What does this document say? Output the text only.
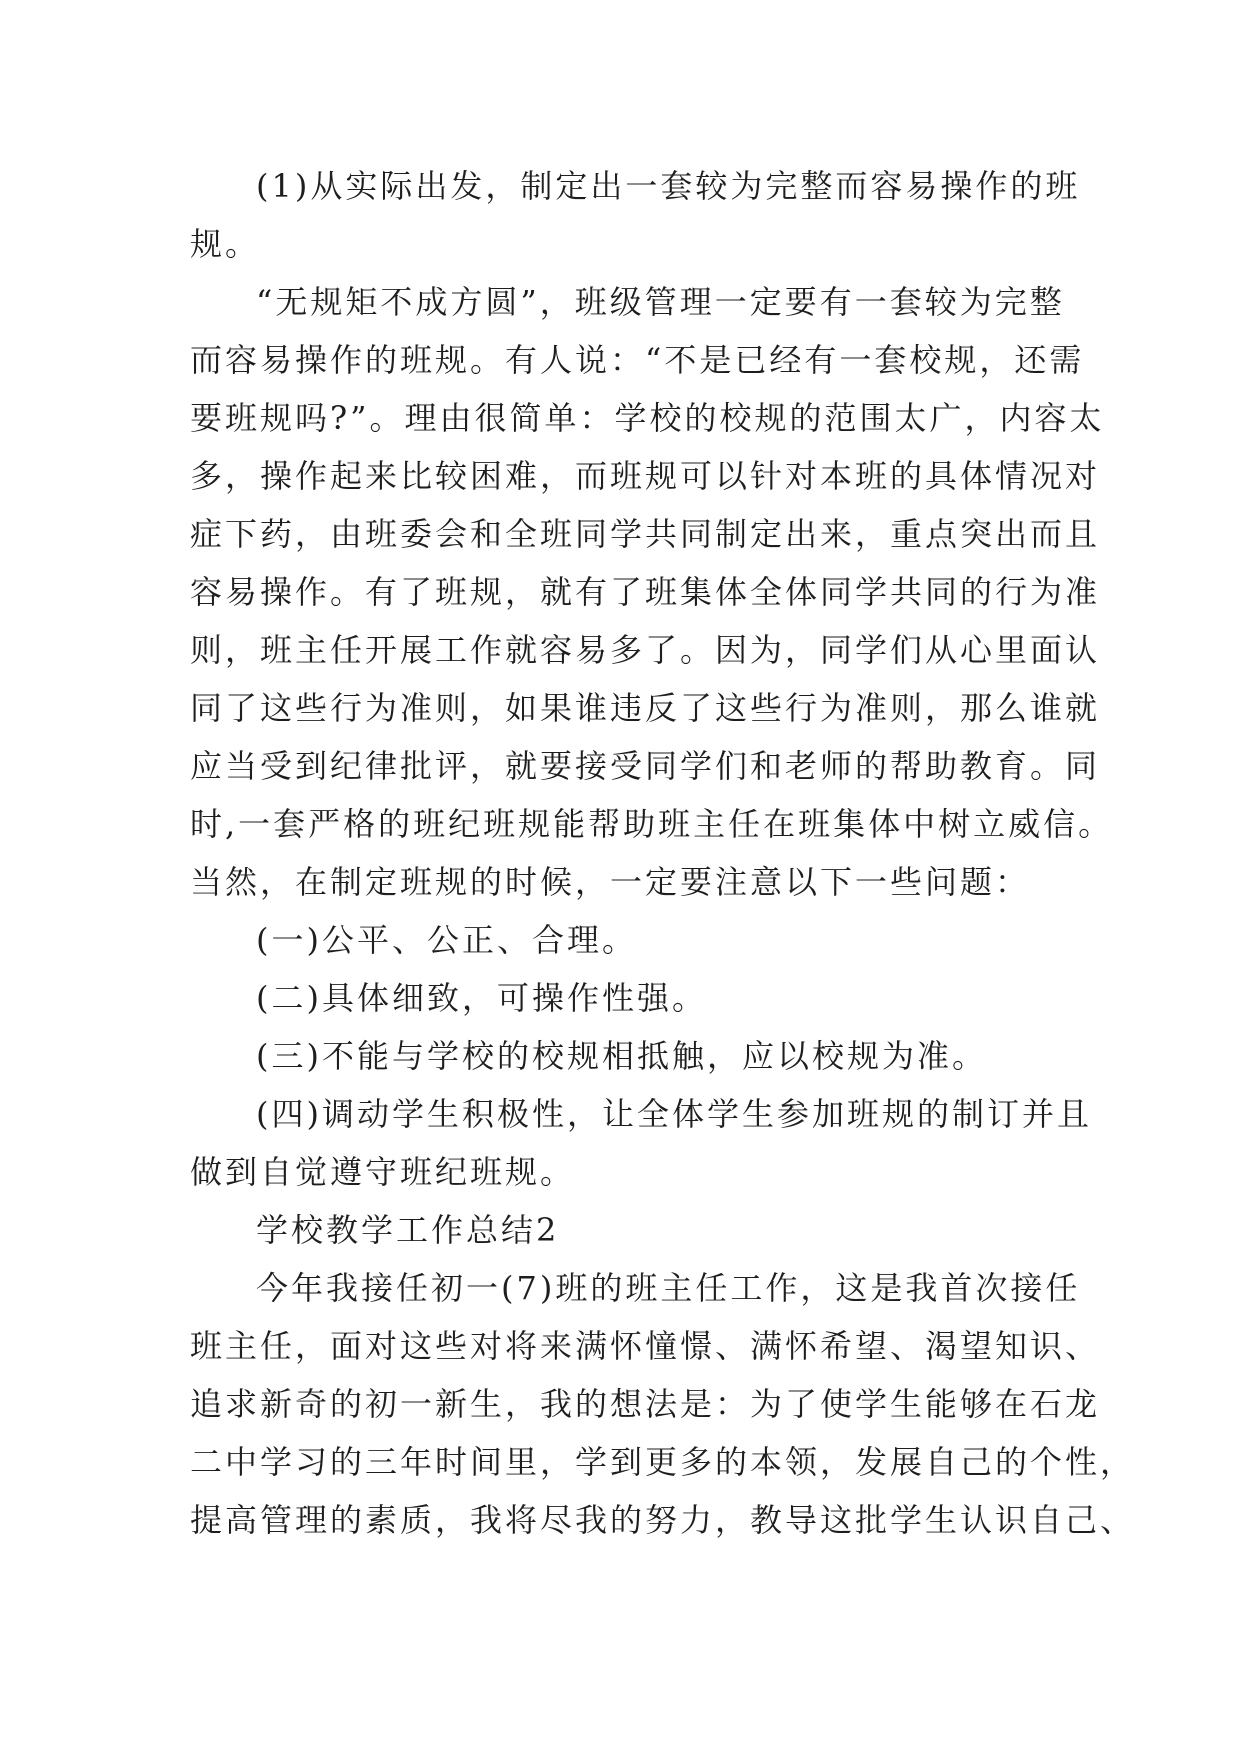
(1)从实际出发，制定出一套较为完整而容易操作的班
规。
“无规矩不成方圆”，班级管理一定要有一套较为完整
而容易操作的班规。有人说：“不是已经有一套校规，还需
要班规吗?”。理由很简单：学校的校规的范围太广，内容太
多，操作起来比较困难，而班规可以针对本班的具体情况对
症下药，由班委会和全班同学共同制定出来，重点突出而且
容易操作。有了班规，就有了班集体全体同学共同的行为准
则，班主任开展工作就容易多了。因为，同学们从心里面认
同了这些行为准则，如果谁违反了这些行为准则，那么谁就
应当受到纪律批评，就要接受同学们和老师的帮助教育。同
时,一套严格的班纪班规能帮助班主任在班集体中树立威信。
当然，在制定班规的时候，一定要注意以下一些问题：
(一)公平、公正、合理。
(二)具体细致，可操作性强。
(三)不能与学校的校规相抵触，应以校规为准。
(四)调动学生积极性，让全体学生参加班规的制订并且
做到自觉遵守班纪班规。
学校教学工作总结2
今年我接任初一(7)班的班主任工作，这是我首次接任
班主任，面对这些对将来满怀憧憬、满怀希望、渴望知识、
追求新奇的初一新生，我的想法是：为了使学生能够在石龙
二中学习的三年时间里，学到更多的本领，发展自己的个性，
提高管理的素质，我将尽我的努力，教导这批学生认识自己、
